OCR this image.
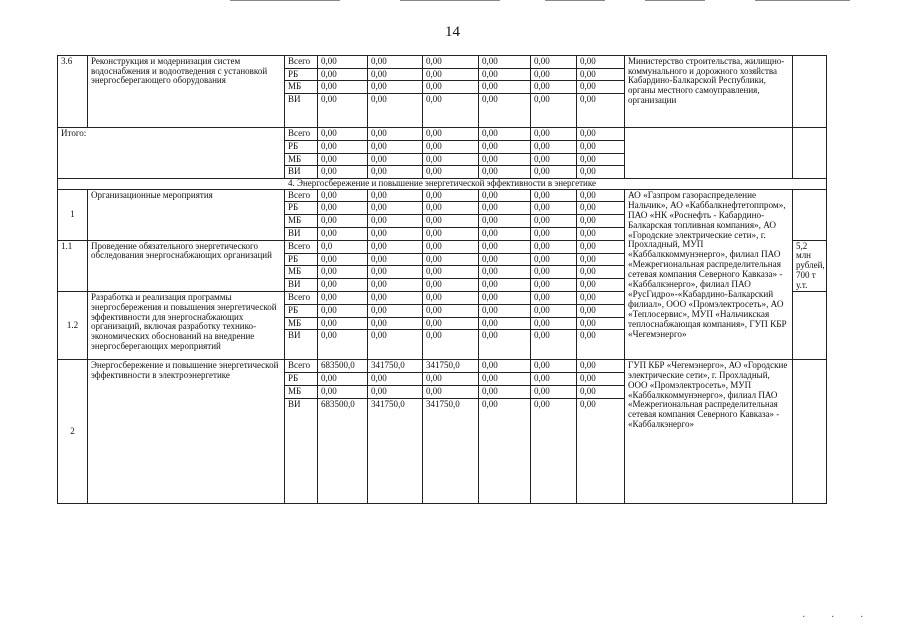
14
3.6	Реконструкция и модернизация систем водоснабжения и водоотведения с установкой энергосберегающего оборудования	Всего	0,00	0,00	0,00	0,00	0,00	0,00	Министерство строительства, жилищно-коммунального и дорожного хозяйства Кабардино-Балкарской Республики, органы местного самоуправления, организации	
		РБ	0,00	0,00	0,00	0,00	0,00	0,00		
		МБ	0,00	0,00	0,00	0,00	0,00	0,00		
		ВИ	0,00	0,00	0,00	0,00	0,00	0,00		
Итого:		Всего	0,00	0,00	0,00	0,00	0,00	0,00		
		РБ	0,00	0,00	0,00	0,00	0,00	0,00		
		МБ	0,00	0,00	0,00	0,00	0,00	0,00		
		ВИ	0,00	0,00	0,00	0,00	0,00	0,00		
4. Энергосбережение и повышение энергетической эффективности в энергетике										
1	Организационные мероприятия	Всего	0,00	0,00	0,00	0,00	0,00	0,00	АО «Газпром газораспределение Нальчик», АО «Каббалкнефтетоппром», ПАО «НК «Роснефть - Кабардино-Балкарская топливная компания», АО «Городские электрические сети», г. Прохладный, МУП «Каббалккоммунэнерго», филиал ПАО «Межрегиональная распределительная сетевая компания Северного Кавказа» - «Каббалкэнерго», филиал ПАО «РусГидро»-«Кабардино-Балкарский филиал», ООО «Промэлектросеть», АО «Теплосервис», МУП «Нальчикская теплоснабжающая компания», ГУП КБР «Чегемэнерго»	
		РБ	0,00	0,00	0,00	0,00	0,00	0,00		
		МБ	0,00	0,00	0,00	0,00	0,00	0,00		
		ВИ	0,00	0,00	0,00	0,00	0,00	0,00		
1.1	Проведение обязательного энергетического обследования энергоснабжающих организаций	Всего	0,0	0,00	0,00	0,00	0,00	0,00		5,2 млн рублей, 700 т у.т.
		РБ	0,00	0,00	0,00	0,00	0,00	0,00		
		МБ	0,00	0,00	0,00	0,00	0,00	0,00		
		ВИ	0,00	0,00	0,00	0,00	0,00	0,00		
1.2	Разработка и реализация программы энергосбережения и повышения энергетической эффективности для энергоснабжающих организаций, включая разработку технико-экономических обоснований на внедрение энергосберегающих мероприятий	Всего	0,00	0,00	0,00	0,00	0,00	0,00		
		РБ	0,00	0,00	0,00	0,00	0,00	0,00		

		МБ	0,00	0,00	0,00	0,00	0,00	0,00		
		ВИ	0,00	0,00	0,00	0,00	0,00	0,00		

2	Энергосбережение и повышение энергетической эффективности в электроэнергетике	Всего	683500,0	341750,0	341750,0	0,00	0,00	0,00	ГУП КБР «Чегемэнерго», АО «Городские электрические сети», г. Прохладный, ООО «Промэлектросеть», МУП «Каббалккоммунэнерго», филиал ПАО «Межрегиональная распределительная сетевая компания Северного Кавказа» - «Каббалкэнерго»	
		РБ	0,00	0,00	0,00	0,00	0,00	0,00		
		МБ	0,00	0,00	0,00	0,00	0,00	0,00		
		ВИ	683500,0	341750,0	341750,0	0,00	0,00	0,00		
. . .
